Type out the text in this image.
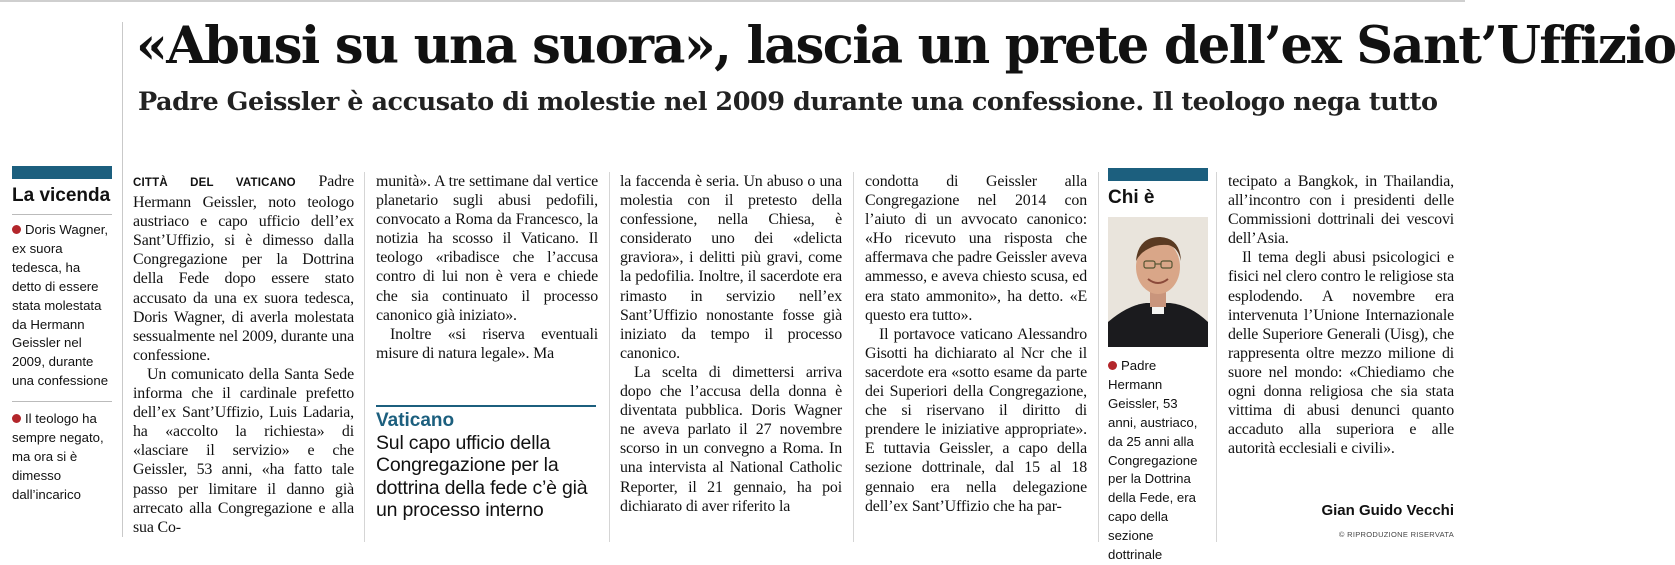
«Abusi su una suora», lascia un prete dell’ex Sant’Uffizio
Padre Geissler è accusato di molestie nel 2009 durante una confessione. Il teologo nega tutto
La vicenda
Doris Wagner, ex suora tedesca, ha detto di essere stata molestata da Hermann Geissler nel 2009, durante una confessione
Il teologo ha sempre negato, ma ora si è dimesso dall’incarico

CITTÀ DEL VATICANO Padre Hermann Geissler, noto teologo austriaco e capo ufficio dell’ex Sant’Uffizio, si è dimesso dalla Congregazione per la Dottrina della Fede dopo essere stato accusato da una ex suora tedesca, Doris Wagner, di averla molestata sessualmente nel 2009, durante una confessione.

Un comunicato della Santa Sede informa che il cardinale prefetto dell’ex Sant’Uffizio, Luis Ladaria, ha «accolto la richiesta» di «lasciare il servizio» e che Geissler, 53 anni, «ha fatto tale passo per limitare il danno già arrecato alla Congregazione e alla sua Co-

munità». A tre settimane dal vertice planetario sugli abusi pedofili, convocato a Roma da Francesco, la notizia ha scosso il Vaticano. Il teologo «ribadisce che l’accusa contro di lui non è vera e chiede che sia continuato il processo canonico già iniziato».

Inoltre «si riserva eventuali misure di natura legale». Ma

Vaticano
Sul capo ufficio della Congregazione per la dottrina della fede c’è già un processo interno

la faccenda è seria. Un abuso o una molestia con il pretesto della confessione, nella Chiesa, è considerato uno dei «delicta graviora», i delitti più gravi, come la pedofilia. Inoltre, il sacerdote era rimasto in servizio nell’ex Sant’Uffizio nonostante fosse già iniziato da tempo il processo canonico.

La scelta di dimettersi arriva dopo che l’accusa della donna è diventata pubblica. Doris Wagner ne aveva parlato il 27 novembre scorso in un convegno a Roma. In una intervista al National Catholic Reporter, il 21 gennaio, ha poi dichiarato di aver riferito la

condotta di Geissler alla Congregazione nel 2014 con l’aiuto di un avvocato canonico: «Ho ricevuto una risposta che affermava che padre Geissler aveva ammesso, e aveva chiesto scusa, ed era stato ammonito», ha detto. «E questo era tutto».

Il portavoce vaticano Alessandro Gisotti ha dichiarato al Ncr che il sacerdote era «sotto esame da parte dei Superiori della Congregazione, che si riservano il diritto di prendere le iniziative appropriate». E tuttavia Geissler, a capo della sezione dottrinale, dal 15 al 18 gennaio era nella delegazione dell’ex Sant’Uffizio che ha par-

Chi è
Padre Hermann Geissler, 53 anni, austriaco, da 25 anni alla Congregazione per la Dottrina della Fede, era capo della sezione dottrinale

tecipato a Bangkok, in Thailandia, all’incontro con i presidenti delle Commissioni dottrinali dei vescovi dell’Asia.

Il tema degli abusi psicologici e fisici nel clero contro le religiose sta esplodendo. A novembre era intervenuta l’Unione Internazionale delle Superiore Generali (Uisg), che rappresenta oltre mezzo milione di suore nel mondo: «Chiediamo che ogni donna religiosa che sia stata vittima di abusi denunci quanto accaduto alla superiora e alle autorità ecclesiali e civili».

Gian Guido Vecchi
© RIPRODUZIONE RISERVATA
